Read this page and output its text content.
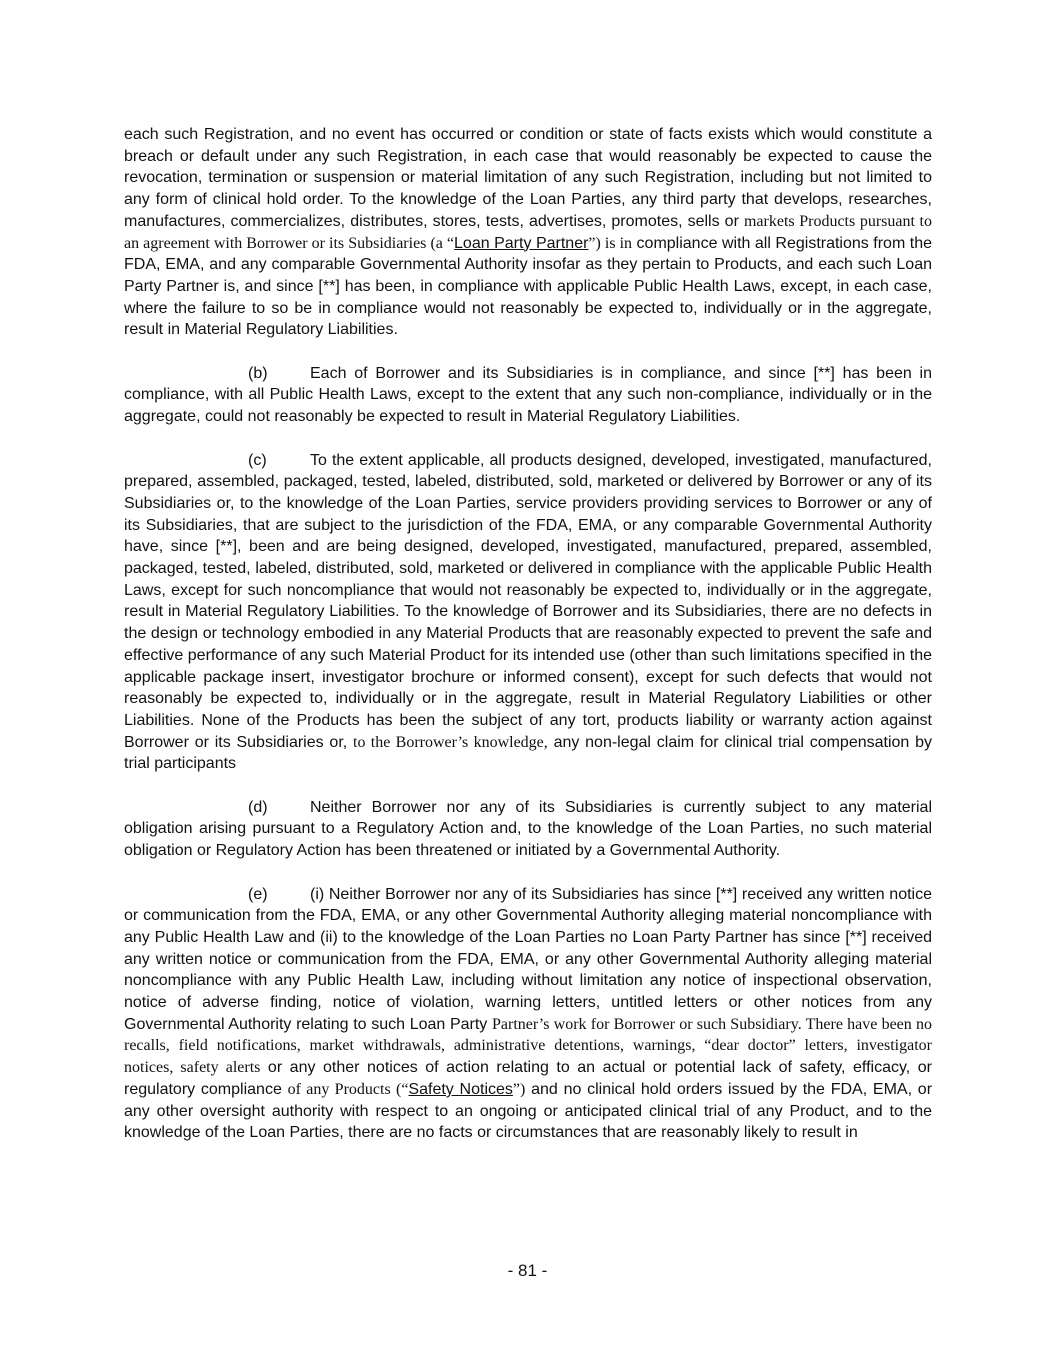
each such Registration, and no event has occurred or condition or state of facts exists which would constitute a breach or default under any such Registration, in each case that would reasonably be expected to cause the revocation, termination or suspension or material limitation of any such Registration, including but not limited to any form of clinical hold order. To the knowledge of the Loan Parties, any third party that develops, researches, manufactures, commercializes, distributes, stores, tests, advertises, promotes, sells or markets Products pursuant to an agreement with Borrower or its Subsidiaries (a “Loan Party Partner”) is in compliance with all Registrations from the FDA, EMA, and any comparable Governmental Authority insofar as they pertain to Products, and each such Loan Party Partner is, and since [**] has been, in compliance with applicable Public Health Laws, except, in each case, where the failure to so be in compliance would not reasonably be expected to, individually or in the aggregate, result in Material Regulatory Liabilities.

(b)	Each of Borrower and its Subsidiaries is in compliance, and since [**] has been in compliance, with all Public Health Laws, except to the extent that any such non-compliance, individually or in the aggregate, could not reasonably be expected to result in Material Regulatory Liabilities.

(c)	To the extent applicable, all products designed, developed, investigated, manufactured, prepared, assembled, packaged, tested, labeled, distributed, sold, marketed or delivered by Borrower or any of its Subsidiaries or, to the knowledge of the Loan Parties, service providers providing services to Borrower or any of its Subsidiaries, that are subject to the jurisdiction of the FDA, EMA, or any comparable Governmental Authority have, since [**], been and are being designed, developed, investigated, manufactured, prepared, assembled, packaged, tested, labeled, distributed, sold, marketed or delivered in compliance with the applicable Public Health Laws, except for such noncompliance that would not reasonably be expected to, individually or in the aggregate, result in Material Regulatory Liabilities. To the knowledge of Borrower and its Subsidiaries, there are no defects in the design or technology embodied in any Material Products that are reasonably expected to prevent the safe and effective performance of any such Material Product for its intended use (other than such limitations specified in the applicable package insert, investigator brochure or informed consent), except for such defects that would not reasonably be expected to, individually or in the aggregate, result in Material Regulatory Liabilities or other Liabilities. None of the Products has been the subject of any tort, products liability or warranty action against Borrower or its Subsidiaries or, to the Borrower’s knowledge, any non-legal claim for clinical trial compensation by trial participants

(d)	Neither Borrower nor any of its Subsidiaries is currently subject to any material obligation arising pursuant to a Regulatory Action and, to the knowledge of the Loan Parties, no such material obligation or Regulatory Action has been threatened or initiated by a Governmental Authority.

(e)	(i) Neither Borrower nor any of its Subsidiaries has since [**] received any written notice or communication from the FDA, EMA, or any other Governmental Authority alleging material noncompliance with any Public Health Law and (ii) to the knowledge of the Loan Parties no Loan Party Partner has since [**] received any written notice or communication from the FDA, EMA, or any other Governmental Authority alleging material noncompliance with any Public Health Law, including without limitation any notice of inspectional observation, notice of adverse finding, notice of violation, warning letters, untitled letters or other notices from any Governmental Authority relating to such Loan Party Partner’s work for Borrower or such Subsidiary. There have been no recalls, field notifications, market withdrawals, administrative detentions, warnings, “dear doctor” letters, investigator notices, safety alerts or any other notices of action relating to an actual or potential lack of safety, efficacy, or regulatory compliance of any Products (“Safety Notices”) and no clinical hold orders issued by the FDA, EMA, or any other oversight authority with respect to an ongoing or anticipated clinical trial of any Product, and to the knowledge of the Loan Parties, there are no facts or circumstances that are reasonably likely to result in

- 81 -
